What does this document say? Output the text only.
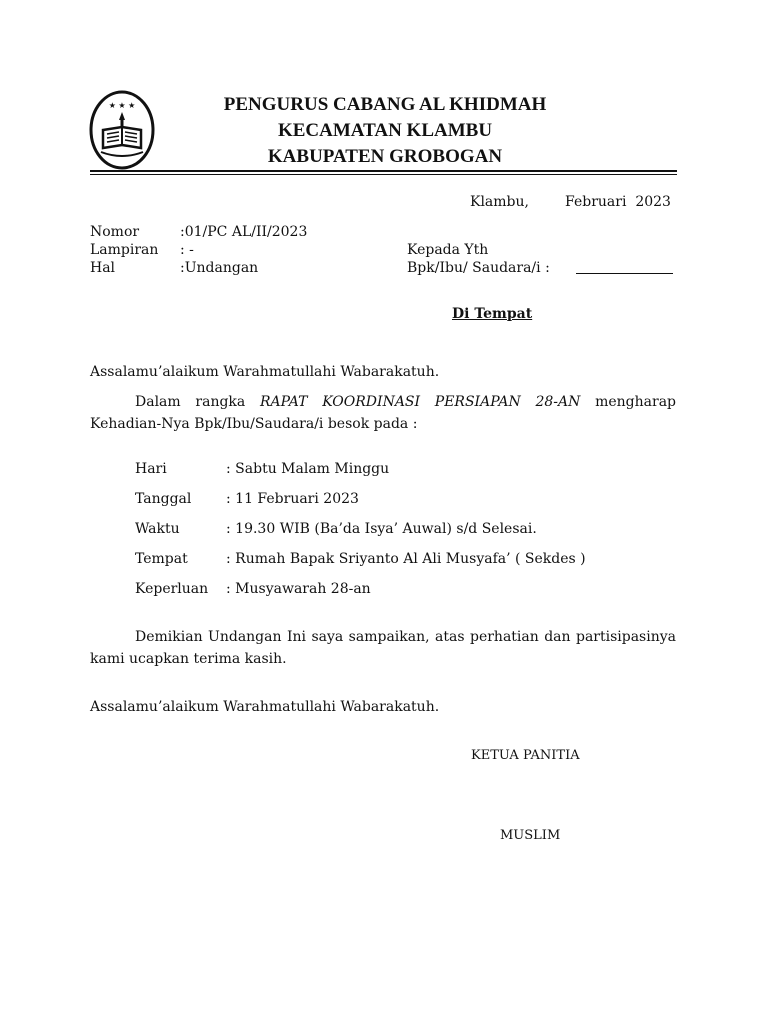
★ ★ ★	PENGURUS CABANG AL KHIDMAH
KECAMATAN KLAMBU
KABUPATEN GROBOGAN
Klambu,	Februari  2023
Nomor	:01/PC AL/II/2023
Lampiran : -
Hal	:Undangan
Kepada Yth
Bpk/Ibu/ Saudara/i :
Di Tempat
Assalamu’alaikum Warahmatullahi Wabarakatuh.
Dalam rangka RAPAT KOORDINASI PERSIAPAN 28-AN mengharap Kehadian-Nya Bpk/Ibu/Saudara/i besok pada :
Hari	: Sabtu Malam Minggu
Tanggal : 11 Februari 2023
Waktu	: 19.30 WIB (Ba’da Isya’ Auwal) s/d Selesai.
Tempat	: Rumah Bapak Sriyanto Al Ali Musyafa’ ( Sekdes )
Keperluan : Musyawarah 28-an
Demikian Undangan Ini saya sampaikan, atas perhatian dan partisipasinya kami ucapkan terima kasih.
Assalamu’alaikum Warahmatullahi Wabarakatuh.
KETUA PANITIA
MUSLIM
